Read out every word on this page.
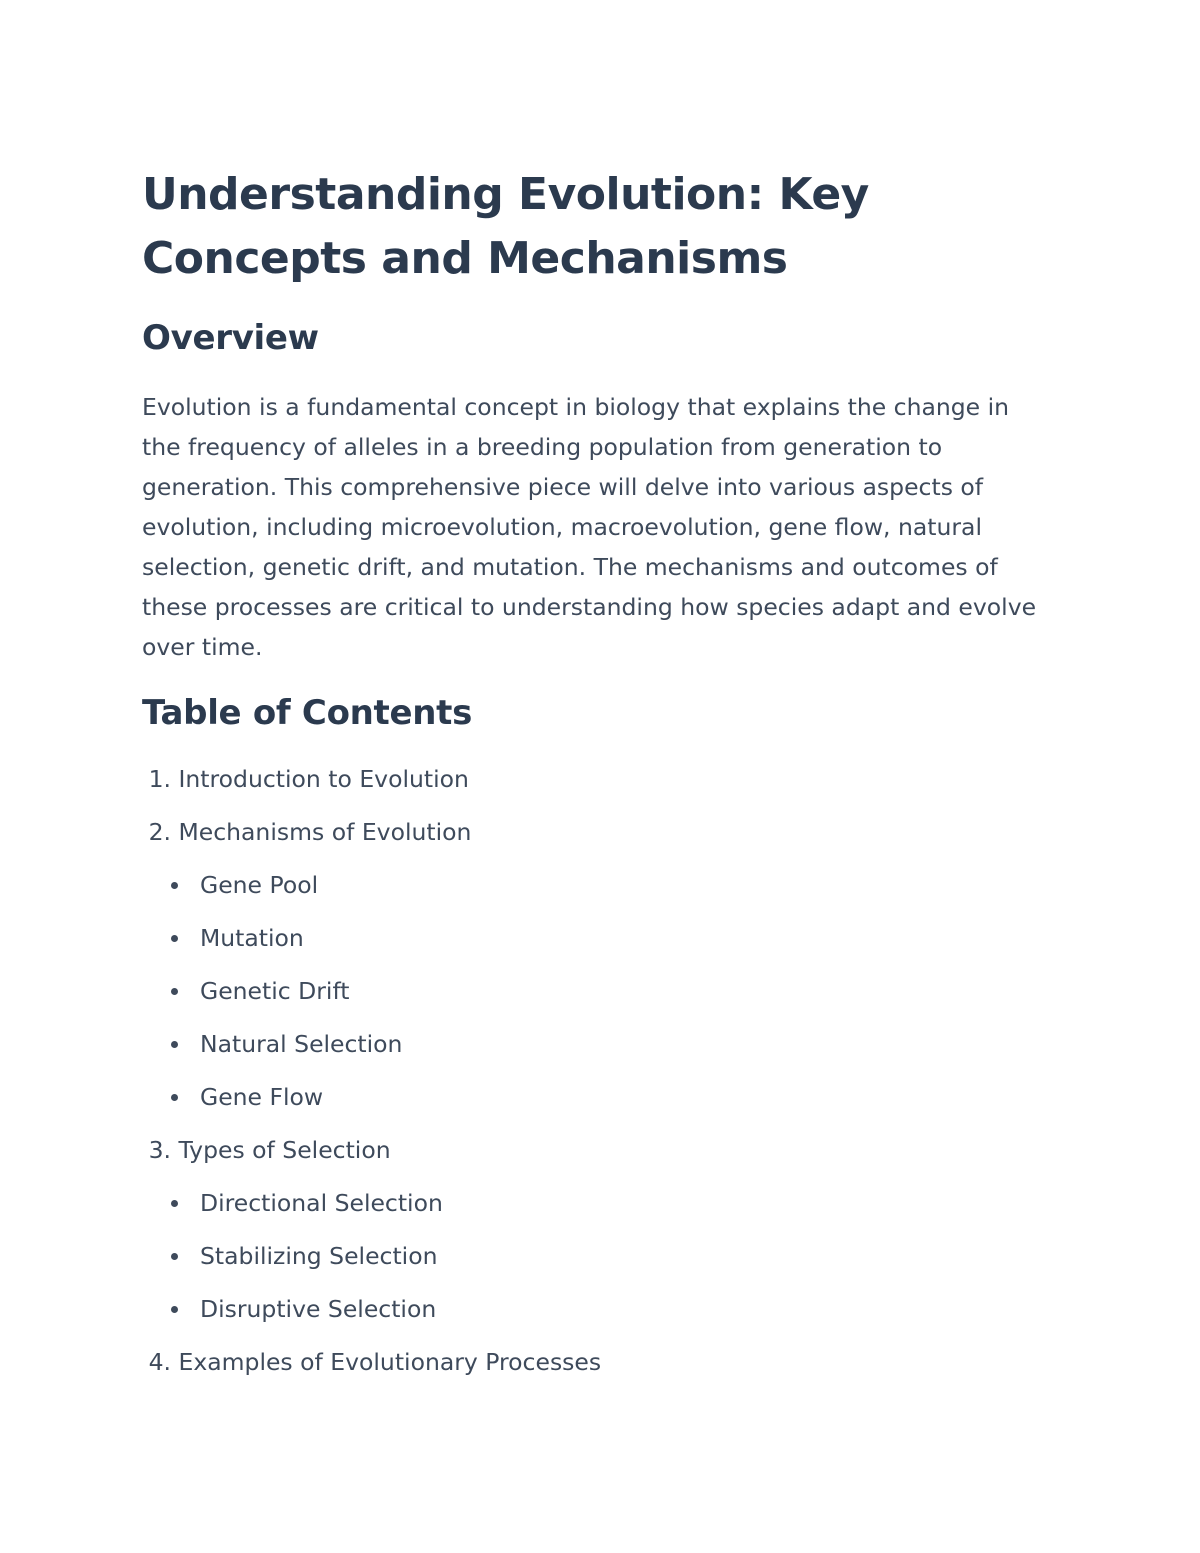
Understanding Evolution: Key Concepts and Mechanisms
Overview

Evolution is a fundamental concept in biology that explains the change in the frequency of alleles in a breeding population from generation to generation. This comprehensive piece will delve into various aspects of evolution, including microevolution, macroevolution, gene flow, natural selection, genetic drift, and mutation. The mechanisms and outcomes of these processes are critical to understanding how species adapt and evolve over time.

Table of Contents
1. Introduction to Evolution
2. Mechanisms of Evolution
Gene Pool
Mutation
Genetic Drift
Natural Selection
Gene Flow
3. Types of Selection
Directional Selection
Stabilizing Selection
Disruptive Selection
4. Examples of Evolutionary Processes
